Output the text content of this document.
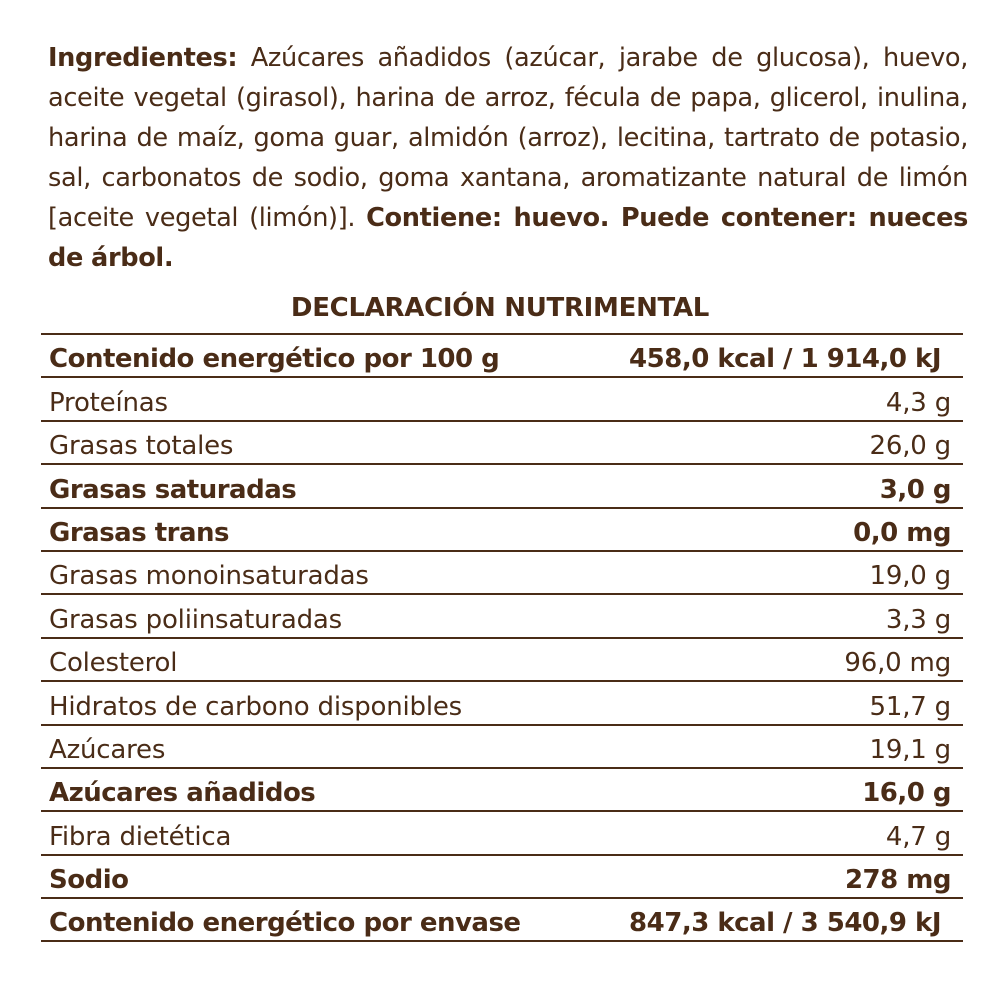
Ingredientes: Azúcares añadidos (azúcar, jarabe de glucosa), huevo, aceite vegetal (girasol), harina de arroz, fécula de papa, glicerol, inulina, harina de maíz, goma guar, almidón (arroz), lecitina, tartrato de potasio, sal, carbonatos de sodio, goma xantana, aromatizante natural de limón [aceite vegetal (limón)]. Contiene: huevo. Puede contener: nueces de árbol.
DECLARACIÓN NUTRIMENTAL
Contenido energético por 100 g	458,0 kcal / 1 914,0 kJ
Proteínas	4,3 g
Grasas totales	26,0 g
Grasas saturadas	3,0 g
Grasas trans	0,0 mg
Grasas monoinsaturadas	19,0 g
Grasas poliinsaturadas	3,3 g
Colesterol	96,0 mg
Hidratos de carbono disponibles	51,7 g
Azúcares	19,1 g
Azúcares añadidos	16,0 g
Fibra dietética	4,7 g
Sodio	278 mg
Contenido energético por envase	847,3 kcal / 3 540,9 kJ
